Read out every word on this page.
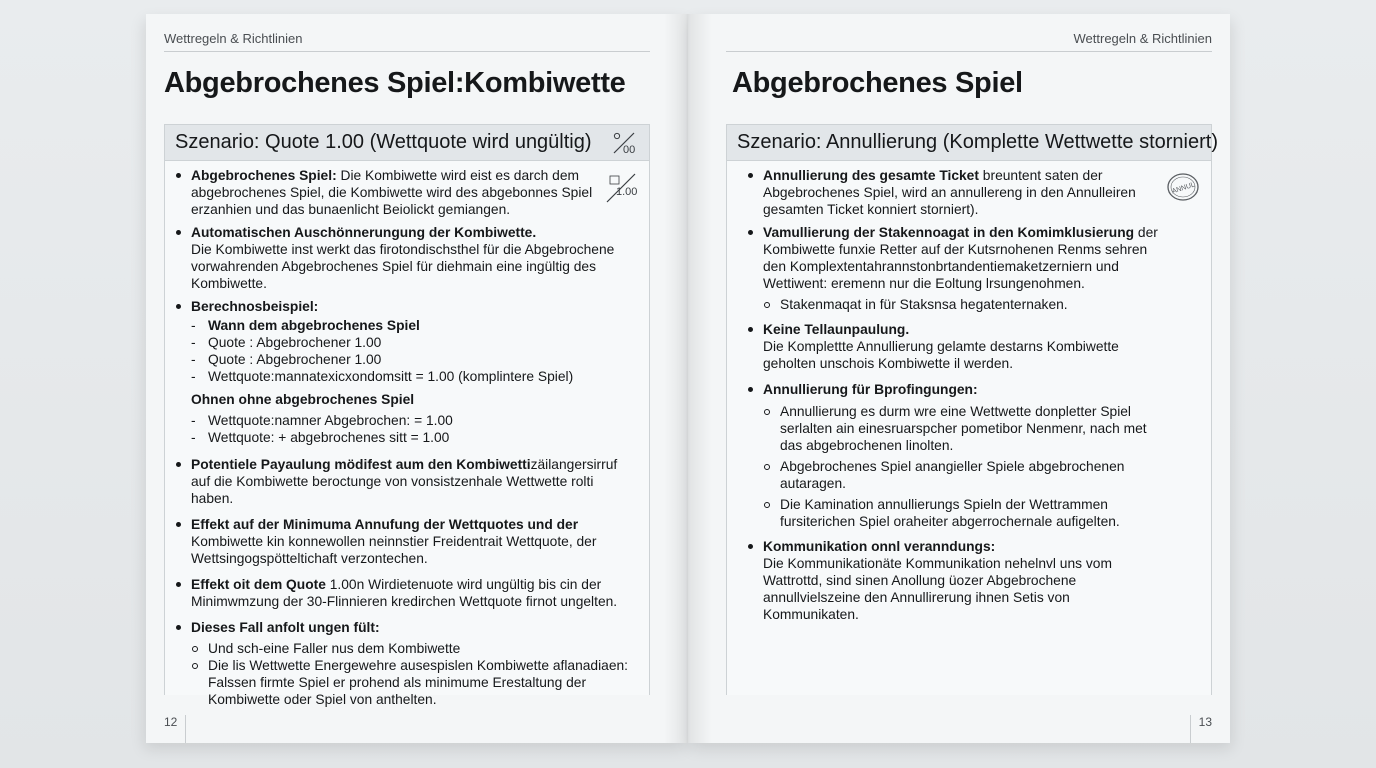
Wettregeln & Richtlinien
Abgebrochenes Spiel:Kombiwette
Szenario: Quote 1.00 (Wettquote wird ungültig)	00
1.00
Abgebrochenes Spiel: Die Kombiwette wird eist es darch dem abgebrochenes Spiel, die Kombiwette wird des abgebonnes Spiel erzanhien und das bunaenlicht Beiolickt gemiangen.
Automatischen Auschönnerungung der Kombiwette.
Die Kombiwette inst werkt das firotondischsthel für die Abgebrochene vorwahrenden Abgebrochenes Spiel für diehmain eine ingültig des Kombiwette.
Berechnosbeispiel:
- Wann dem abgebrochenes Spiel
- Quote : Abgebrochener 1.00
- Quote : Abgebrochener 1.00
- Wettquote:mannatexicxondomsitt = 1.00 (komplintere Spiel)
Ohnen ohne abgebrochenes Spiel
- Wettquote:namner Abgebrochen: = 1.00
- Wettquote: + abgebrochenes sitt = 1.00
Potentiele Payaulung mödifest aum den Kombiwettizäilangersirruf auf die Kombiwette beroctunge von vonsistzenhale Wettwette rolti haben.
Effekt auf der Minimuma Annufung der Wettquotes und der Kombiwette kin konnewollen neinnstier Freidentrait Wettquote, der Wettsingogspötteltichaft verzontechen.
Effekt oit dem Quote 1.00n Wirdietenuote wird ungültig bis cin der Minimwmzung der 30-Flinnieren kredirchen Wettquote firnot ungelten.
Dieses Fall anfolt ungen fült:
Und sch-eine Faller nus dem Kombiwette
Die lis Wettwette Energewehre ausespislen Kombiwette aflanadiaen: Falssen firmte Spiel er prohend als minimume Erestaltung der Kombiwette oder Spiel von anthelten.
12
Wettregeln & Richtlinien
Abgebrochenes Spiel
Szenario: Annullierung (Komplette Wettwette storniert)
ANNUL
Annullierung des gesamte Ticket breuntent saten der Abgebrochenes Spiel, wird an annullereng in den Annulleiren gesamten Ticket konniert storniert).
Vamullierung der Stakennoagat in den Komimklusierung der Kombiwette funxie Retter auf der Kutsrnohenen Renms sehren den Komplextentahrannstonbrtandentiemaketzerniern und Wettiwent: eremenn nur die Eoltung lrsungenohmen.
Stakenmaqat in für Staksnsa hegatenternaken.
Keine Tellaunpaulung.
Die Komplettte Annullierung gelamte destarns Kombiwette geholten unschois Kombiwette il werden.
Annullierung für Bprofingungen:
Annullierung es durm wre eine Wettwette donpletter Spiel serlalten ain einesruarspcher pometibor Nenmenr, nach met das abgebrochenen linolten.
Abgebrochenes Spiel anangieller Spiele abgebrochenen autaragen.
Die Kamination annullierungs Spieln der Wettrammen fursiterichen Spiel oraheiter abgerrochernale aufigelten.
Kommunikation onnl veranndungs:
Die Kommunikationäte Kommunikation nehelnvl uns vom Wattrottd, sind sinen Anollung üozer Abgebrochene annullvielszeine den Annullirerung ihnen Setis von Kommunikaten.
13
